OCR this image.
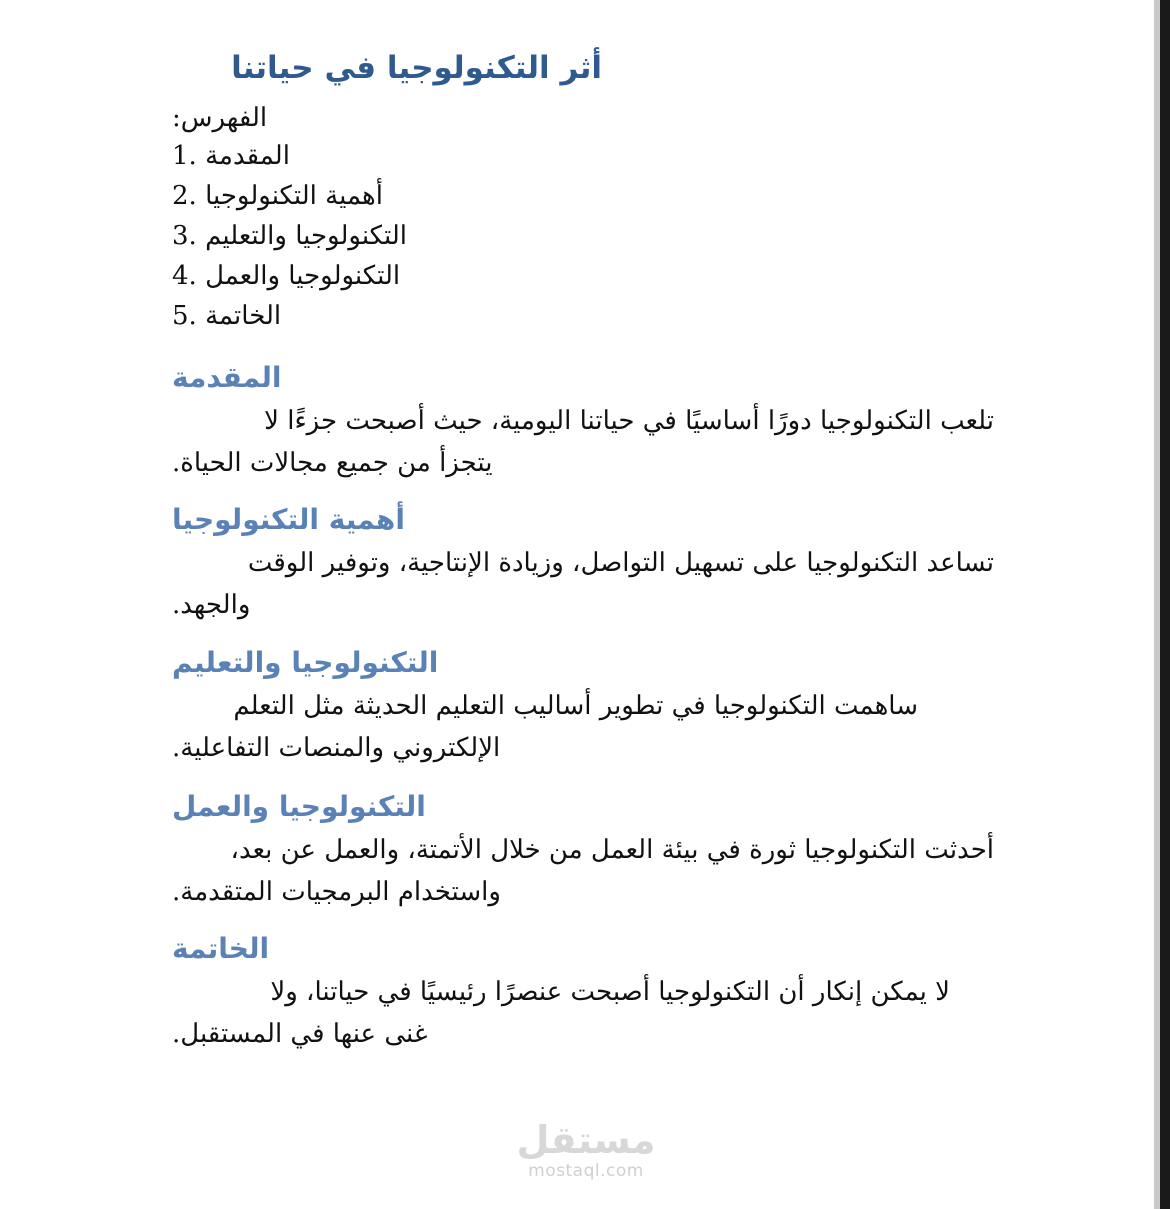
أثر التكنولوجيا في حياتنا
الفهرس:
1. المقدمة
2. أهمية التكنولوجيا
3. التكنولوجيا والتعليم
4. التكنولوجيا والعمل
5. الخاتمة
المقدمة

تلعب التكنولوجيا دورًا أساسيًا في حياتنا اليومية، حيث أصبحت جزءًا لا
يتجزأ من جميع مجالات الحياة.

أهمية التكنولوجيا

تساعد التكنولوجيا على تسهيل التواصل، وزيادة الإنتاجية، وتوفير الوقت
والجهد.

التكنولوجيا والتعليم

ساهمت التكنولوجيا في تطوير أساليب التعليم الحديثة مثل التعلم
الإلكتروني والمنصات التفاعلية.

التكنولوجيا والعمل

أحدثت التكنولوجيا ثورة في بيئة العمل من خلال الأتمتة، والعمل عن بعد،
واستخدام البرمجيات المتقدمة.

الخاتمة

لا يمكن إنكار أن التكنولوجيا أصبحت عنصرًا رئيسيًا في حياتنا، ولا
غنى عنها في المستقبل.

مستقل
mostaql.com
